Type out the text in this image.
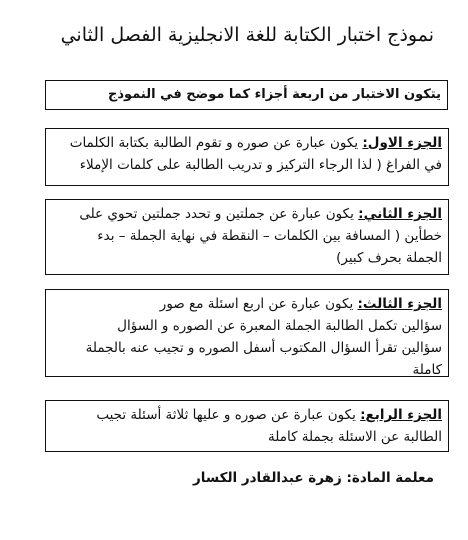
نموذج اختبار الكتابة للغة الانجليزية الفصل الثاني
يتكون الاختبار من اربعة أجزاء كما موضح في النموذج
الجزء الاول: يكون عبارة عن صوره و تقوم الطالبة بكتابة الكلمات
في الفراغ ( لذا الرجاء التركيز و تدريب الطالبة على كلمات الإملاء
الجزء الثاني: يكون عبارة عن جملتين و تحدد جملتين تحوي على
خطأين ( المسافة بين الكلمات – النقطة في نهاية الجملة – بدء
الجملة بحرف كبير)
الجزء الثالث: يكون عبارة عن اربع اسئلة مع صور
سؤالين تكمل الطالبة الجملة المعبرة عن الصوره و السؤال
سؤالين تقرأ السؤال المكتوب أسفل الصوره و تجيب عنه بالجملة
كاملة
الجزء الرابع: يكون عبارة عن صوره و عليها ثلاثة أسئلة تجيب
الطالبة عن الاسئلة بجملة كاملة
معلمة المادة: زهرة عبدالقادر الكسار
